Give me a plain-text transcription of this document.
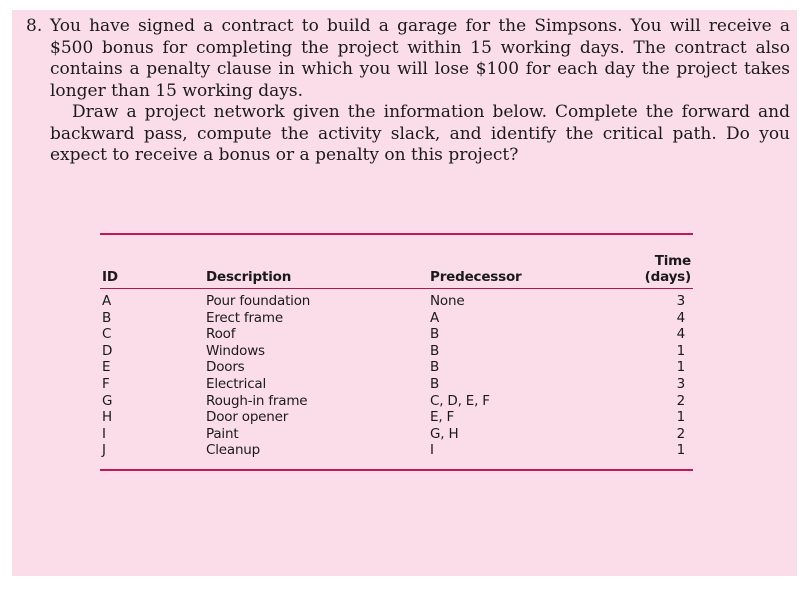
8. You have signed a contract to build a garage for the Simpsons. You will receive a $500 bonus for completing the project within 15 working days. The contract also contains a penalty clause in which you will lose $100 for each day the project takes longer than 15 working days.

Draw a project network given the information below. Complete the forward and backward pass, compute the activity slack, and identify the critical path. Do you expect to receive a bonus or a penalty on this project?

ID	Description	Predecessor	Time
(days)

A	Pour foundation	None	3
B	Erect frame	A	4
C	Roof	B	4
D	Windows	B	1
E	Doors	B	1
F	Electrical	B	3
G	Rough-in frame	C, D, E, F	2
H	Door opener	E, F	1
I	Paint	G, H	2
J	Cleanup	I	1
